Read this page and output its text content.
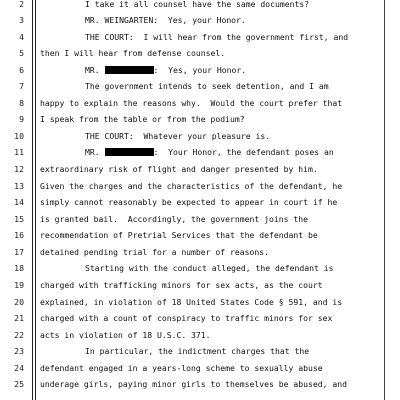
2	I take it all counsel have the same documents?
3	MR. WEINGARTEN:  Yes, your Honor.
4	THE COURT:  I will hear from the government first, and
5 then I will hear from defense counsel.
6	MR.	:  Yes, your Honor.
7	The government intends to seek detention, and I am
8 happy to explain the reasons why.  Would the court prefer that
9 I speak from the table or from the podium?
10	THE COURT:  Whatever your pleasure is.
11	MR.	:  Your Honor, the defendant poses an
12 extraordinary risk of flight and danger presented by him.
13 Given the charges and the characteristics of the defendant, he
14 simply cannot reasonably be expected to appear in court if he
15 is granted bail.  Accordingly, the government joins the
16 recommendation of Pretrial Services that the defendant be
17 detained pending trial for a number of reasons.
18	Starting with the conduct alleged, the defendant is
19 charged with trafficking minors for sex acts, as the court
20 explained, in violation of 18 United States Code § 591, and is
21 charged with a count of conspiracy to traffic minors for sex
22 acts in violation of 18 U.S.C. 371.
23	In particular, the indictment charges that the
24 defendant engaged in a years-long scheme to sexually abuse
25 underage girls, paying minor girls to themselves be abused, and
